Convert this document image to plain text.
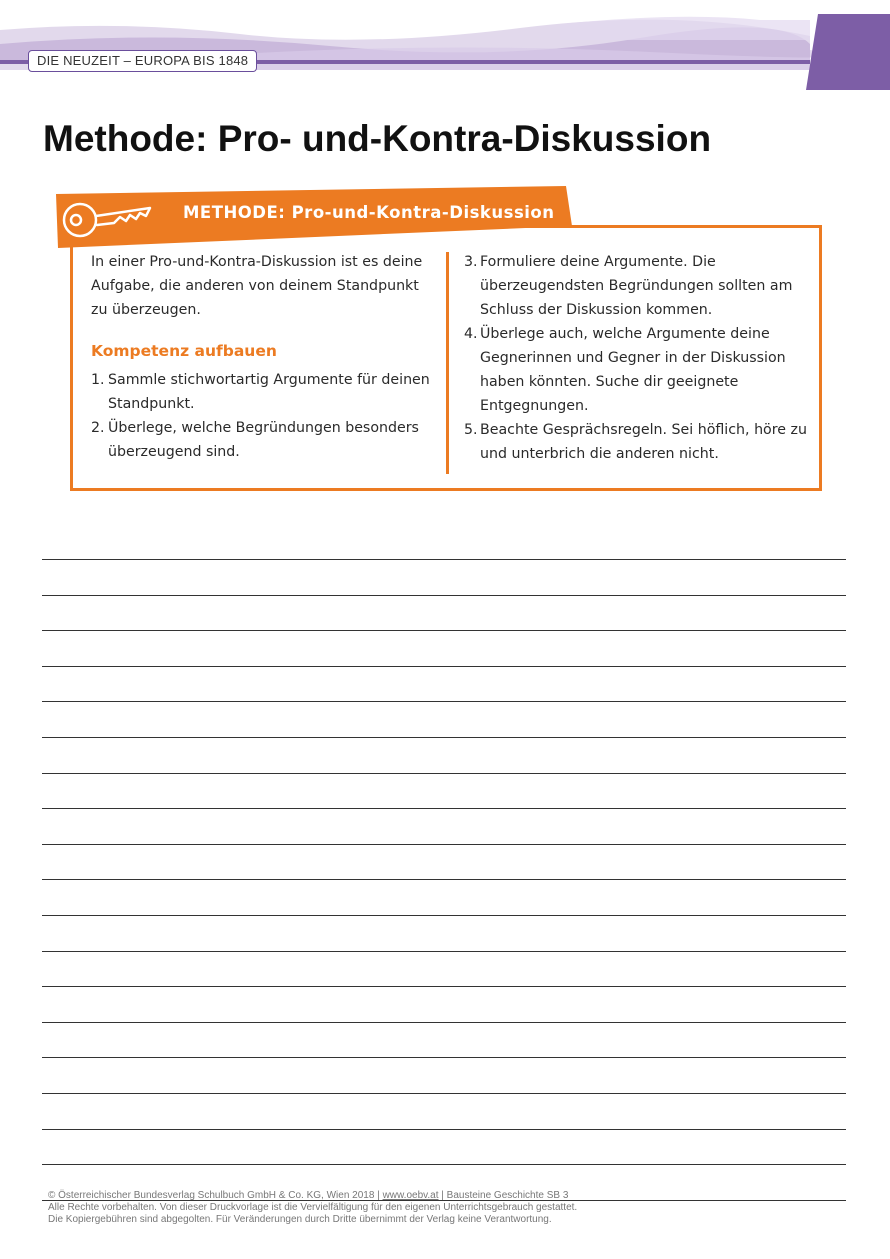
DIE NEUZEIT – EUROPA BIS 1848
Methode: Pro- und-Kontra-Diskussion
METHODE: Pro-und-Kontra-Diskussion

In einer Pro-und-Kontra-Diskussion ist es deine Aufgabe, die anderen von deinem Standpunkt zu überzeugen.

Kompetenz aufbauen
1. Sammle stichwortartig Argumente für deinen Standpunkt.
2. Überlege, welche Begründungen besonders überzeugend sind.
3. Formuliere deine Argumente. Die überzeugendsten Begründungen sollten am Schluss der Diskussion kommen.
4. Überlege auch, welche Argumente deine Gegnerinnen und Gegner in der Diskussion haben könnten. Suche dir geeignete Entgegnungen.
5. Beachte Gesprächsregeln. Sei höflich, höre zu und unterbrich die anderen nicht.
© Österreichischer Bundesverlag Schulbuch GmbH & Co. KG, Wien 2018 | www.oebv.at | Bausteine Geschichte SB 3
Alle Rechte vorbehalten. Von dieser Druckvorlage ist die Vervielfältigung für den eigenen Unterrichtsgebrauch gestattet.
Die Kopiergebühren sind abgegolten. Für Veränderungen durch Dritte übernimmt der Verlag keine Verantwortung.
